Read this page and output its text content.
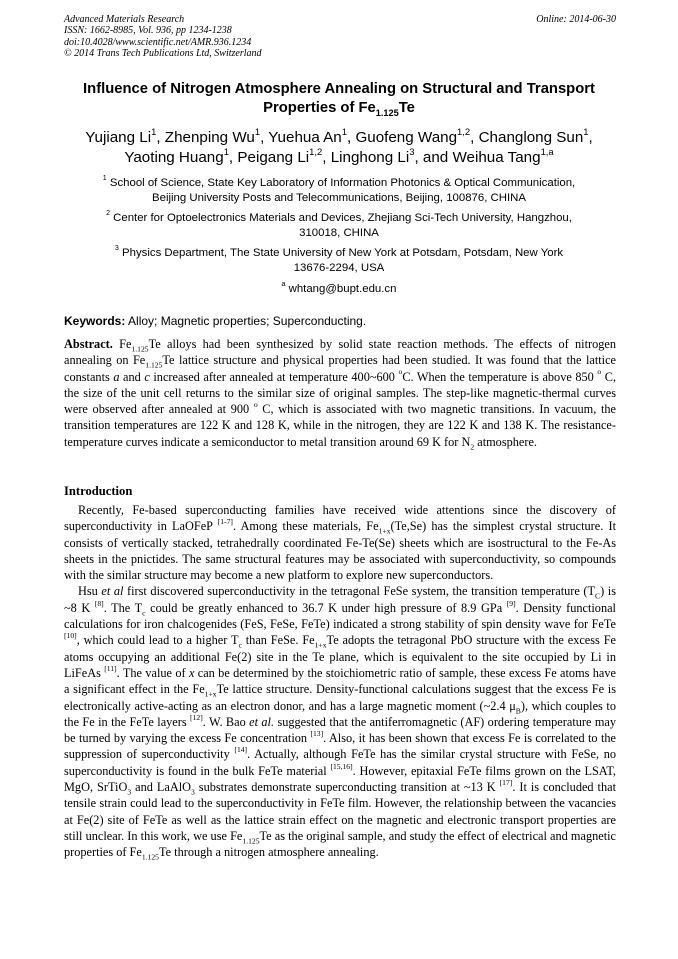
Advanced Materials Research
ISSN: 1662-8985, Vol. 936, pp 1234-1238
doi:10.4028/www.scientific.net/AMR.936.1234
© 2014 Trans Tech Publications Ltd, Switzerland
Online: 2014-06-30
Influence of Nitrogen Atmosphere Annealing on Structural and Transport
Properties of $Fe_{1.125}Te$
Yujiang Li$^1$, Zhenping Wu$^1$, Yuehua An$^1$, Guofeng Wang$^{1,2}$, Changlong Sun$^1$,
Yaoting Huang$^1$, Peigang Li$^{1,2}$, Linghong Li$^3$, and Weihua Tang$^{1,a}$
$^1$ School of Science, State Key Laboratory of Information Photonics & Optical Communication,
Beijing University Posts and Telecommunications, Beijing, 100876, CHINA
$^2$ Center for Optoelectronics Materials and Devices, Zhejiang Sci-Tech University, Hangzhou,
310018, CHINA
$^3$ Physics Department, The State University of New York at Potsdam, Potsdam, New York
13676-2294, USA
$^a$ whtang@bupt.edu.cn
Keywords: Alloy; Magnetic properties; Superconducting.

Abstract. $Fe_{1.125}Te$ alloys had been synthesized by solid state reaction methods. The effects of nitrogen annealing on $Fe_{1.125}Te$ lattice structure and physical properties had been studied. It was found that the lattice constants a and c increased after annealed at temperature 400~600 $^o$C. When the temperature is above 850 $^o$ C, the size of the unit cell returns to the similar size of original samples. The step-like magnetic-thermal curves were observed after annealed at 900 $^o$ C, which is associated with two magnetic transitions. In vacuum, the transition temperatures are 122 K and 128 K, while in the nitrogen, they are 122 K and 138 K. The resistance-temperature curves indicate a semiconductor to metal transition around 69 K for $N_2$ atmosphere.

Introduction

Recently, Fe-based superconducting families have received wide attentions since the discovery of superconductivity in LaOFeP [1-7]. Among these materials, $Fe_{1+x}(Te,Se)$ has the simplest crystal structure. It consists of vertically stacked, tetrahedrally coordinated Fe-Te(Se) sheets which are isostructural to the Fe-As sheets in the pnictides. The same structural features may be associated with superconductivity, so compounds with the similar structure may become a new platform to explore new superconductors.

Hsu et al first discovered superconductivity in the tetragonal FeSe system, the transition temperature $(T_C)$ is ~8 K [8]. The $T_c$ could be greatly enhanced to 36.7 K under high pressure of 8.9 GPa [9]. Density functional calculations for iron chalcogenides (FeS, FeSe, FeTe) indicated a strong stability of spin density wave for FeTe [10], which could lead to a higher $T_c$ than FeSe. $Fe_{1+x}Te$ adopts the tetragonal PbO structure with the excess Fe atoms occupying an additional Fe(2) site in the Te plane, which is equivalent to the site occupied by Li in LiFeAs [11]. The value of x can be determined by the stoichiometric ratio of sample, these excess Fe atoms have a significant effect in the $Fe_{1+x}Te$ lattice structure. Density-functional calculations suggest that the excess Fe is electronically active-acting as an electron donor, and has a large magnetic moment (~2.4 $\mu_B$), which couples to the Fe in the FeTe layers [12]. W. Bao et al. suggested that the antiferromagnetic (AF) ordering temperature may be turned by varying the excess Fe concentration [13]. Also, it has been shown that excess Fe is correlated to the suppression of superconductivity [14]. Actually, although FeTe has the similar crystal structure with FeSe, no superconductivity is found in the bulk FeTe material [15,16]. However, epitaxial FeTe films grown on the LSAT, MgO, SrTiO$_3$ and LaAlO$_3$ substrates demonstrate superconducting transition at ~13 K [17]. It is concluded that tensile strain could lead to the superconductivity in FeTe film. However, the relationship between the vacancies at Fe(2) site of FeTe as well as the lattice strain effect on the magnetic and electronic transport properties are still unclear. In this work, we use $Fe_{1.125}Te$ as the original sample, and study the effect of electrical and magnetic properties of $Fe_{1.125}Te$ through a nitrogen atmosphere annealing.
